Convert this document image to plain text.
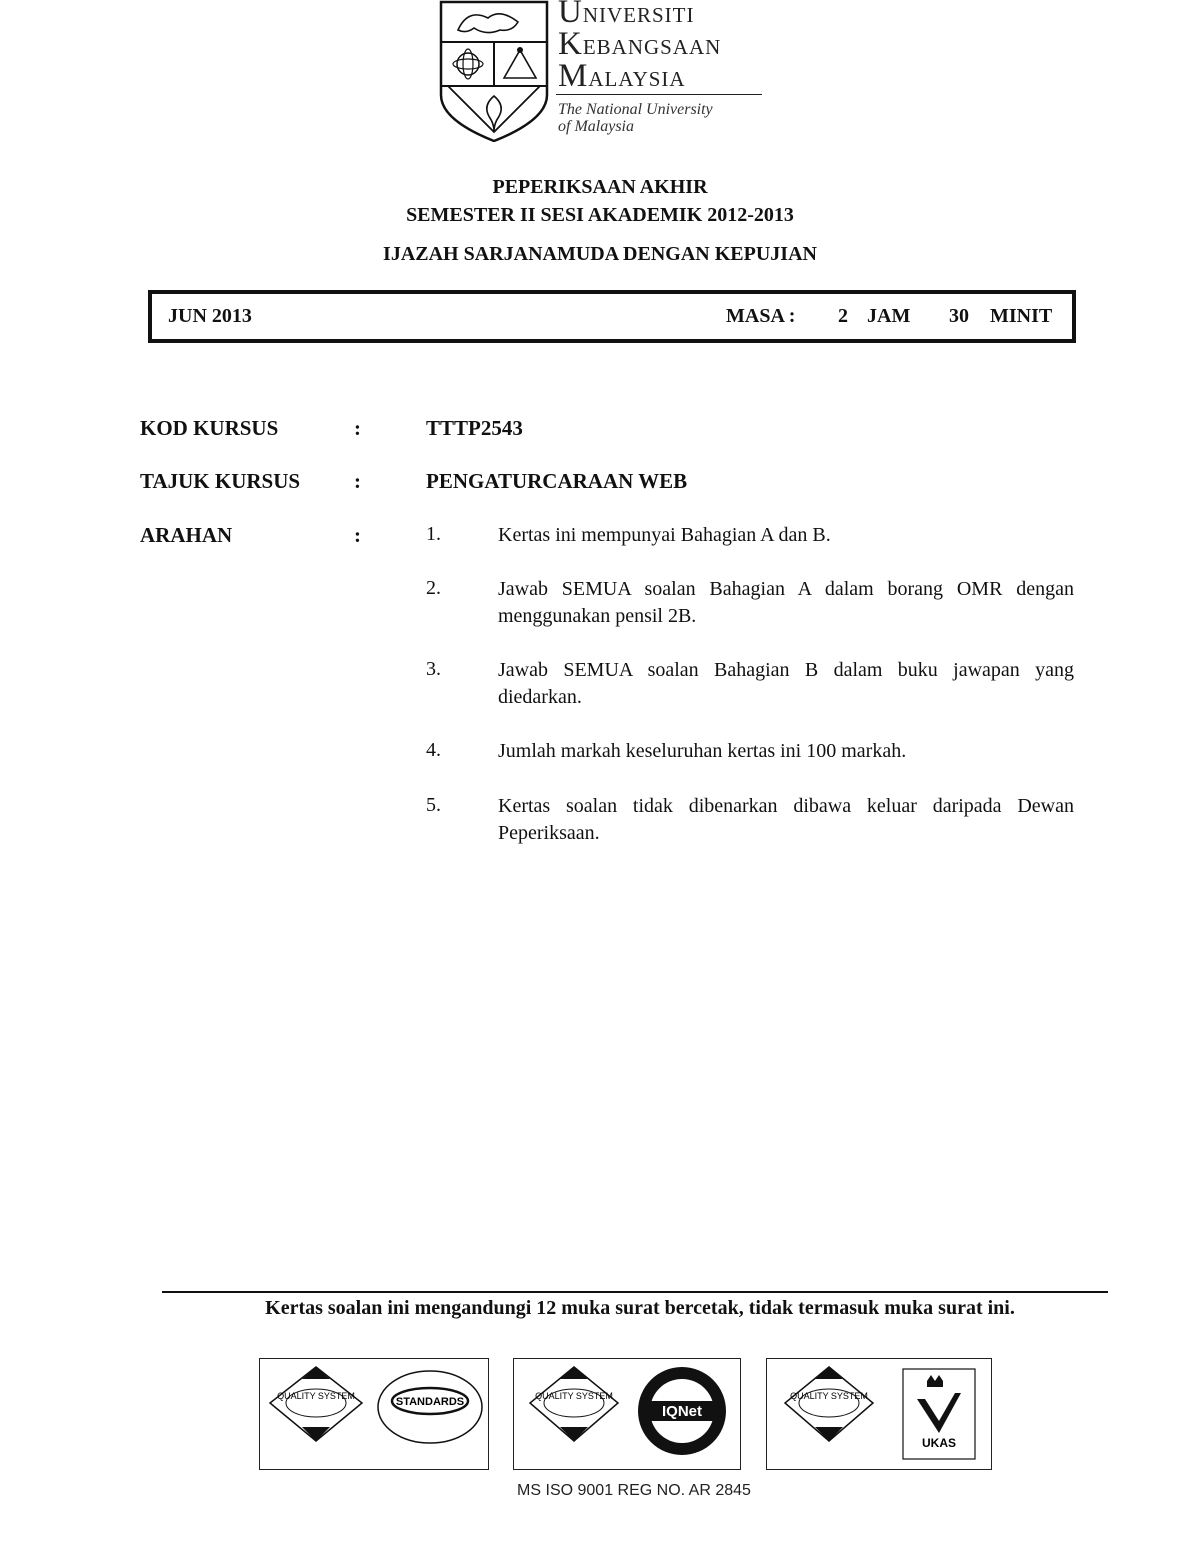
UNIVERSITI
KEBANGSAAN
MALAYSIA
The National University
of Malaysia
PEPERIKSAAN AKHIR
SEMESTER II SESI AKADEMIK 2012-2013
IJAZAH SARJANAMUDA DENGAN KEPUJIAN
JUN 2013	MASA : 2 JAM 30 MINIT
KOD KURSUS	:	TTTP2543
TAJUK KURSUS	:	PENGATURCARAAN WEB
ARAHAN	:	1.	Kertas ini mempunyai Bahagian A dan B.
2.	Jawab SEMUA soalan Bahagian A dalam borang OMR dengan menggunakan pensil 2B.
3.	Jawab SEMUA soalan Bahagian B dalam buku jawapan yang diedarkan.
4.	Jumlah markah keseluruhan kertas ini 100 markah.
5.	Kertas soalan tidak dibenarkan dibawa keluar daripada Dewan Peperiksaan.
Kertas soalan ini mengandungi 12 muka surat bercetak, tidak termasuk muka surat ini.
QUALITY SYSTEM	STANDARDS	QUALITY SYSTEM
IQNet
QUALITY SYSTEM
UKAS
MS ISO 9001 REG NO. AR 2845
